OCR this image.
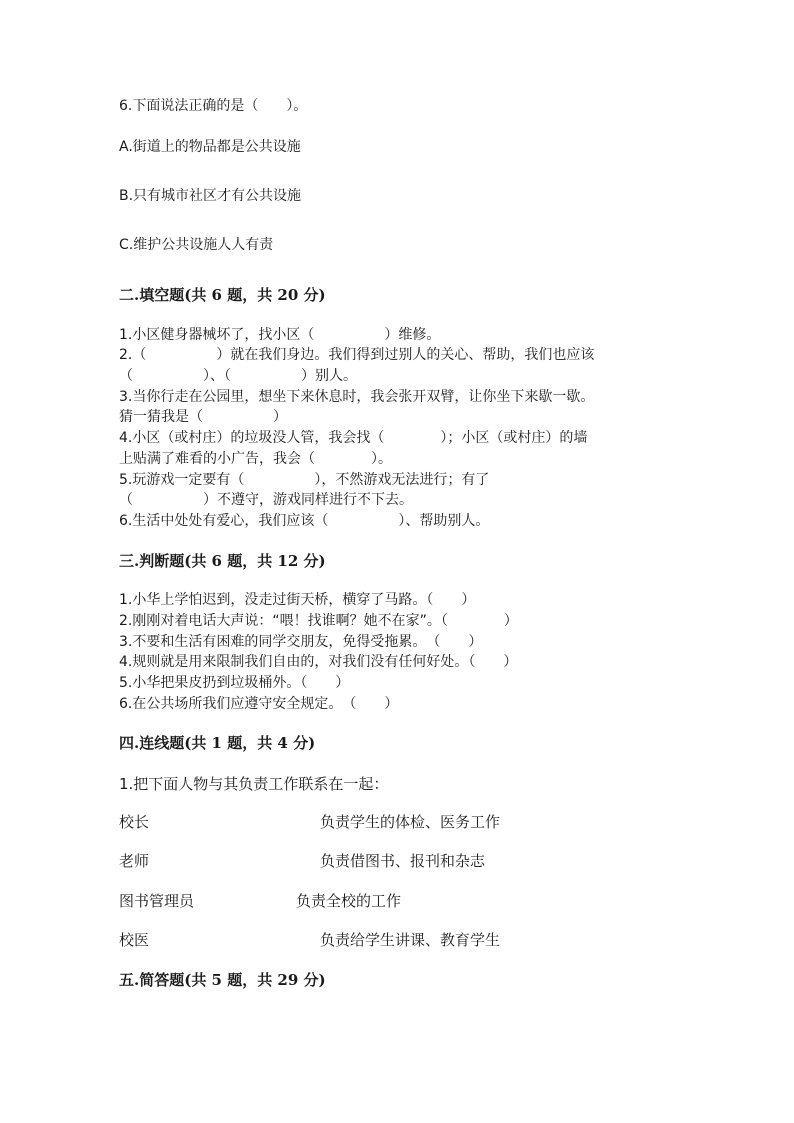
6.下面说法正确的是（　　）。
A.街道上的物品都是公共设施
B.只有城市社区才有公共设施
C.维护公共设施人人有责
二.填空题(共 6 题，共 20 分)
1.小区健身器械坏了，找小区（　　　　　）维修。
2.（　　　　　）就在我们身边。我们得到过别人的关心、帮助，我们也应该
（　　　　　）、（　　　　　）别人。
3.当你行走在公园里，想坐下来休息时，我会张开双臂，让你坐下来歇一歇。
猜一猜我是（　　　　　）
4.小区（或村庄）的垃圾没人管，我会找（　　　　）；小区（或村庄）的墙
上贴满了难看的小广告，我会（　　　　）。
5.玩游戏一定要有（　　　　　），不然游戏无法进行；有了
（　　　　　）不遵守，游戏同样进行不下去。
6.生活中处处有爱心，我们应该（　　　　　）、帮助别人。
三.判断题(共 6 题，共 12 分)
1.小华上学怕迟到，没走过街天桥，横穿了马路。（　　）
2.刚刚对着电话大声说：“喂！找谁啊？她不在家”。（　　　　）
3.不要和生活有困难的同学交朋友，免得受拖累。　（　　）
4.规则就是用来限制我们自由的，对我们没有任何好处。（　　）
5.小华把果皮扔到垃圾桶外。（　　）
6.在公共场所我们应遵守安全规定。　（　　）
四.连线题(共 1 题，共 4 分)
1.把下面人物与其负责工作联系在一起：
校长	负责学生的体检、医务工作
老师	负责借图书、报刊和杂志
图书管理员	负责全校的工作
校医	负责给学生讲课、教育学生
五.简答题(共 5 题，共 29 分)
